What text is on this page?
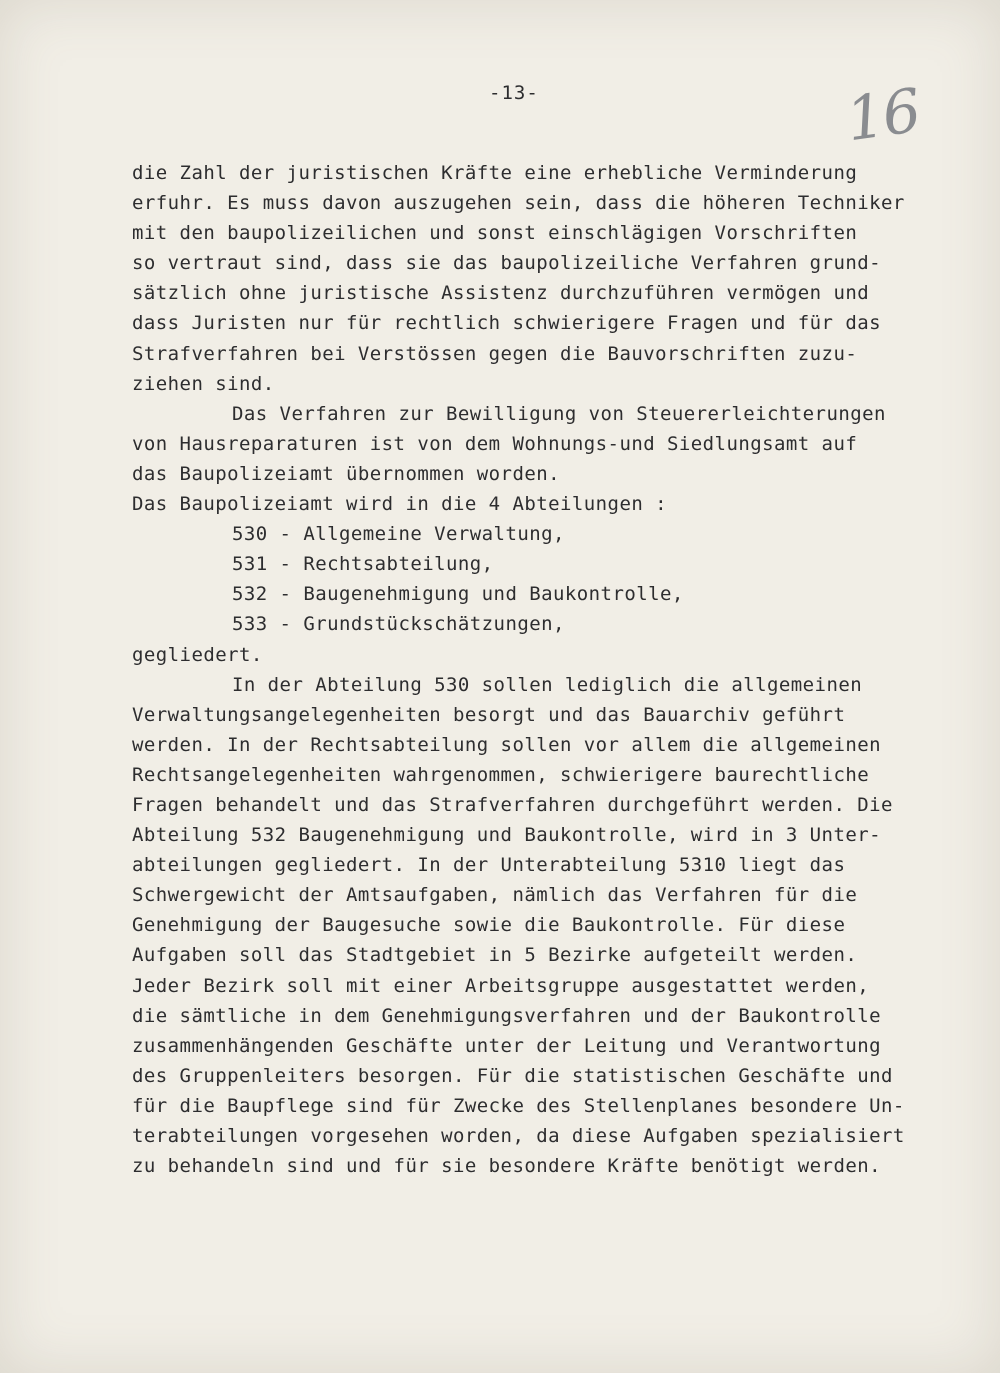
-13-	16
die Zahl der juristischen Kräfte eine erhebliche Verminderung
erfuhr. Es muss davon auszugehen sein, dass die höheren Techniker
mit den baupolizeilichen und sonst einschlägigen Vorschriften
so vertraut sind, dass sie das baupolizeiliche Verfahren grund-
sätzlich ohne juristische Assistenz durchzuführen vermögen und
dass Juristen nur für rechtlich schwierigere Fragen und für das
Strafverfahren bei Verstössen gegen die Bauvorschriften zuzu-
ziehen sind.
Das Verfahren zur Bewilligung von Steuererleichterungen
von Hausreparaturen ist von dem Wohnungs-und Siedlungsamt auf
das Baupolizeiamt übernommen worden.
Das Baupolizeiamt wird in die 4 Abteilungen :
530 - Allgemeine Verwaltung,
531 - Rechtsabteilung,
532 - Baugenehmigung und Baukontrolle,
533 - Grundstückschätzungen,
gegliedert.
In der Abteilung 530 sollen lediglich die allgemeinen
Verwaltungsangelegenheiten besorgt und das Bauarchiv geführt
werden. In der Rechtsabteilung sollen vor allem die allgemeinen
Rechtsangelegenheiten wahrgenommen, schwierigere baurechtliche
Fragen behandelt und das Strafverfahren durchgeführt werden. Die
Abteilung 532 Baugenehmigung und Baukontrolle, wird in 3 Unter-
abteilungen gegliedert. In der Unterabteilung 5310 liegt das
Schwergewicht der Amtsaufgaben, nämlich das Verfahren für die
Genehmigung der Baugesuche sowie die Baukontrolle. Für diese
Aufgaben soll das Stadtgebiet in 5 Bezirke aufgeteilt werden.
Jeder Bezirk soll mit einer Arbeitsgruppe ausgestattet werden,
die sämtliche in dem Genehmigungsverfahren und der Baukontrolle
zusammenhängenden Geschäfte unter der Leitung und Verantwortung
des Gruppenleiters besorgen. Für die statistischen Geschäfte und
für die Baupflege sind für Zwecke des Stellenplanes besondere Un-
terabteilungen vorgesehen worden, da diese Aufgaben spezialisiert
zu behandeln sind und für sie besondere Kräfte benötigt werden.
